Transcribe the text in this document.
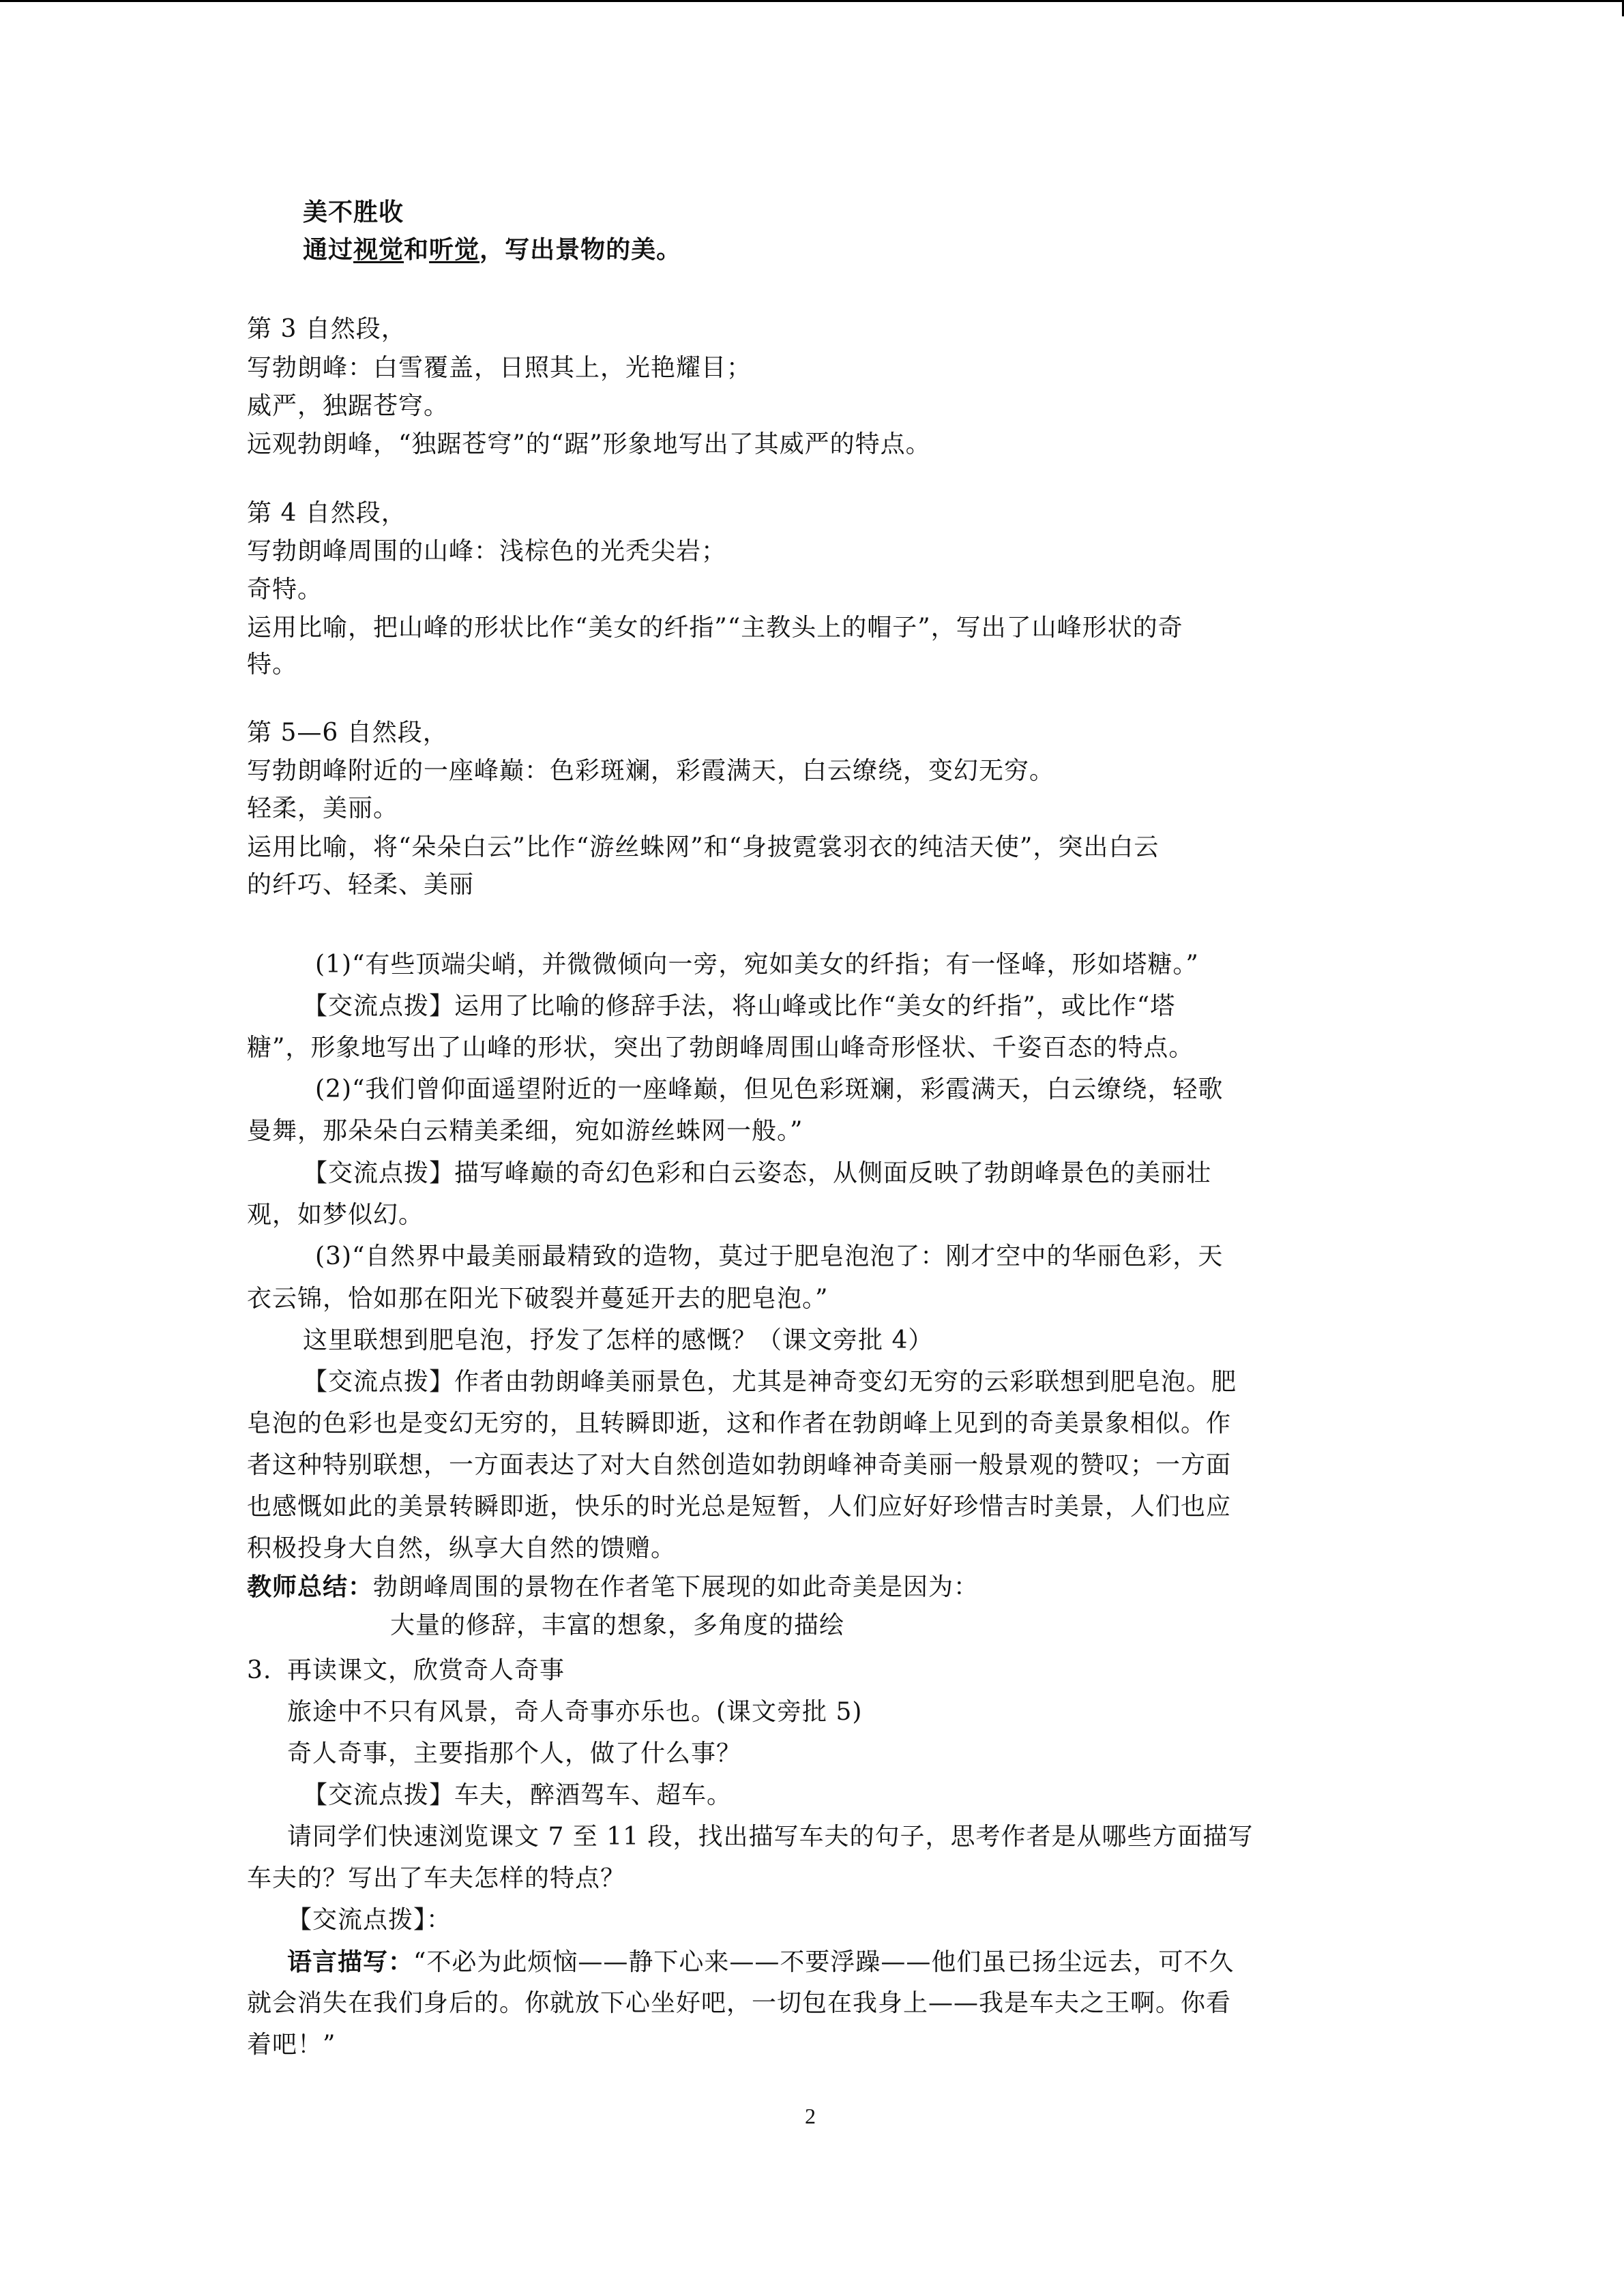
美不胜收
通过视觉和听觉，写出景物的美。
第 3 自然段，
写勃朗峰：白雪覆盖，日照其上，光艳耀目；
威严，独踞苍穹。
远观勃朗峰，“独踞苍穹”的“踞”形象地写出了其威严的特点。
第 4 自然段，
写勃朗峰周围的山峰：浅棕色的光秃尖岩；
奇特。
运用比喻，把山峰的形状比作“美女的纤指”“主教头上的帽子”，写出了山峰形状的奇
特。
第 5—6 自然段，
写勃朗峰附近的一座峰巅：色彩斑斓，彩霞满天，白云缭绕，变幻无穷。
轻柔，美丽。
运用比喻，将“朵朵白云”比作“游丝蛛网”和“身披霓裳羽衣的纯洁天使”，突出白云
的纤巧、轻柔、美丽
(1)“有些顶端尖峭，并微微倾向一旁，宛如美女的纤指；有一怪峰，形如塔糖。”
【交流点拨】运用了比喻的修辞手法，将山峰或比作“美女的纤指”，或比作“塔
糖”，形象地写出了山峰的形状，突出了勃朗峰周围山峰奇形怪状、千姿百态的特点。
(2)“我们曾仰面遥望附近的一座峰巅，但见色彩斑斓，彩霞满天，白云缭绕，轻歌
曼舞，那朵朵白云精美柔细，宛如游丝蛛网一般。”
【交流点拨】描写峰巅的奇幻色彩和白云姿态，从侧面反映了勃朗峰景色的美丽壮
观，如梦似幻。
(3)“自然界中最美丽最精致的造物，莫过于肥皂泡泡了：刚才空中的华丽色彩，天
衣云锦，恰如那在阳光下破裂并蔓延开去的肥皂泡。”
这里联想到肥皂泡，抒发了怎样的感慨？（课文旁批 4）
【交流点拨】作者由勃朗峰美丽景色，尤其是神奇变幻无穷的云彩联想到肥皂泡。肥
皂泡的色彩也是变幻无穷的，且转瞬即逝，这和作者在勃朗峰上见到的奇美景象相似。作
者这种特别联想，一方面表达了对大自然创造如勃朗峰神奇美丽一般景观的赞叹；一方面
也感慨如此的美景转瞬即逝，快乐的时光总是短暂，人们应好好珍惜吉时美景，人们也应
积极投身大自然，纵享大自然的馈赠。
教师总结：勃朗峰周围的景物在作者笔下展现的如此奇美是因为：
大量的修辞，丰富的想象，多角度的描绘
3. 再读课文，欣赏奇人奇事
旅途中不只有风景，奇人奇事亦乐也。(课文旁批 5)
奇人奇事，主要指那个人，做了什么事？
【交流点拨】车夫，醉酒驾车、超车。
请同学们快速浏览课文 7 至 11 段，找出描写车夫的句子，思考作者是从哪些方面描写
车夫的？写出了车夫怎样的特点？
【交流点拨】：
语言描写：“不必为此烦恼——静下心来——不要浮躁——他们虽已扬尘远去，可不久
就会消失在我们身后的。你就放下心坐好吧，一切包在我身上——我是车夫之王啊。你看
着吧！”
2
